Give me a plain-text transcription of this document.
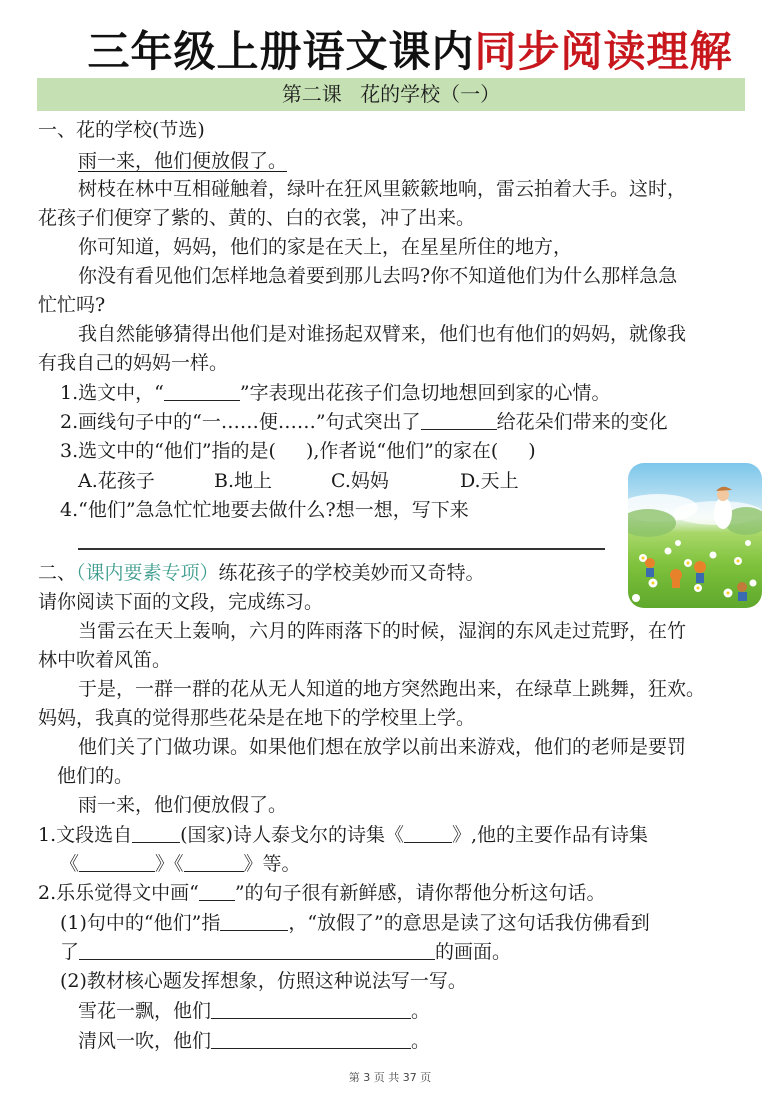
三年级上册语文课内同步阅读理解
第二课 花的学校（一）
一、花的学校(节选)
雨一来，他们便放假了。
树枝在林中互相碰触着，绿叶在狂风里簌簌地响，雷云拍着大手。这时，
花孩子们便穿了紫的、黄的、白的衣裳，冲了出来。
你可知道，妈妈，他们的家是在天上，在星星所住的地方，
你没有看见他们怎样地急着要到那儿去吗?你不知道他们为什么那样急急
忙忙吗?
我自然能够猜得出他们是对谁扬起双臂来，他们也有他们的妈妈，就像我
有我自己的妈妈一样。
1.选文中，“	”字表现出花孩子们急切地想回到家的心情。
2.画线句子中的“一……便……”句式突出了	给花朵们带来的变化
3.选文中的“他们”指的是( ),作者说“他们”的家在( )
A.花孩子	B.地上	C.妈妈	D.天上
4.“他们”急急忙忙地要去做什么?想一想，写下来
二、（课内要素专项）练花孩子的学校美妙而又奇特。
请你阅读下面的文段，完成练习。
当雷云在天上轰响，六月的阵雨落下的时候，湿润的东风走过荒野，在竹
林中吹着风笛。
于是，一群一群的花从无人知道的地方突然跑出来，在绿草上跳舞，狂欢。
妈妈，我真的觉得那些花朵是在地下的学校里上学。
他们关了门做功课。如果他们想在放学以前出来游戏，他们的老师是要罚
他们的。
雨一来，他们便放假了。
1.文段选自	(国家)诗人泰戈尔的诗集《	》,他的主要作品有诗集
《	》《	》等。
2.乐乐觉得文中画“ ”的句子很有新鲜感，请你帮他分析这句话。
(1)句中的“他们”指	，“放假了”的意思是读了这句话我仿佛看到
了	的画面。
(2)教材核心题发挥想象，仿照这种说法写一写。
雪花一飘，他们	。
清风一吹，他们	。
第 3 页 共 37 页
